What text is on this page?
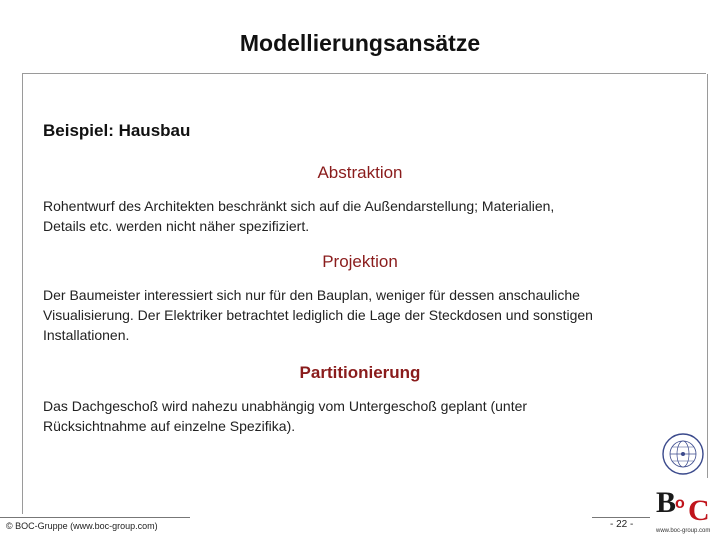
Modellierungsansätze
Beispiel: Hausbau
Abstraktion
Rohentwurf des Architekten beschränkt sich auf die Außendarstellung; Materialien,
Details etc. werden nicht näher spezifiziert.
Projektion
Der Baumeister interessiert sich nur für den Bauplan, weniger für dessen anschauliche
Visualisierung. Der Elektriker betrachtet lediglich die Lage der Steckdosen und sonstigen
Installationen.
Partitionierung
Das Dachgeschoß wird nahezu unabhängig vom Untergeschoß geplant (unter
Rücksichtnahme auf einzelne Spezifika).
© BOC-Gruppe (www.boc-group.com)	- 22 -
B
o C
www.boc-group.com
